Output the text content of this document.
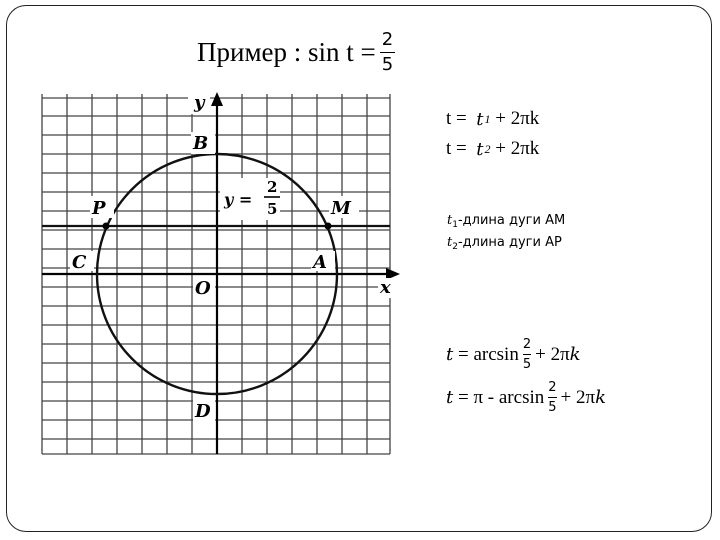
Пример : $\sin t = \frac{2}{5}$
y
x
B
P	M
C	A
O
D
y =
2
5
t =
t 1
+ 2πk
t =
t 2
+ 2πk
$t_1$-длина дуги AM
$t_2$-длина дуги AP
t
= $\arcsin \frac{2}{5} + 2\pi$ k
t
= $\pi - \arcsin \frac{2}{5} + 2\pi$ k
